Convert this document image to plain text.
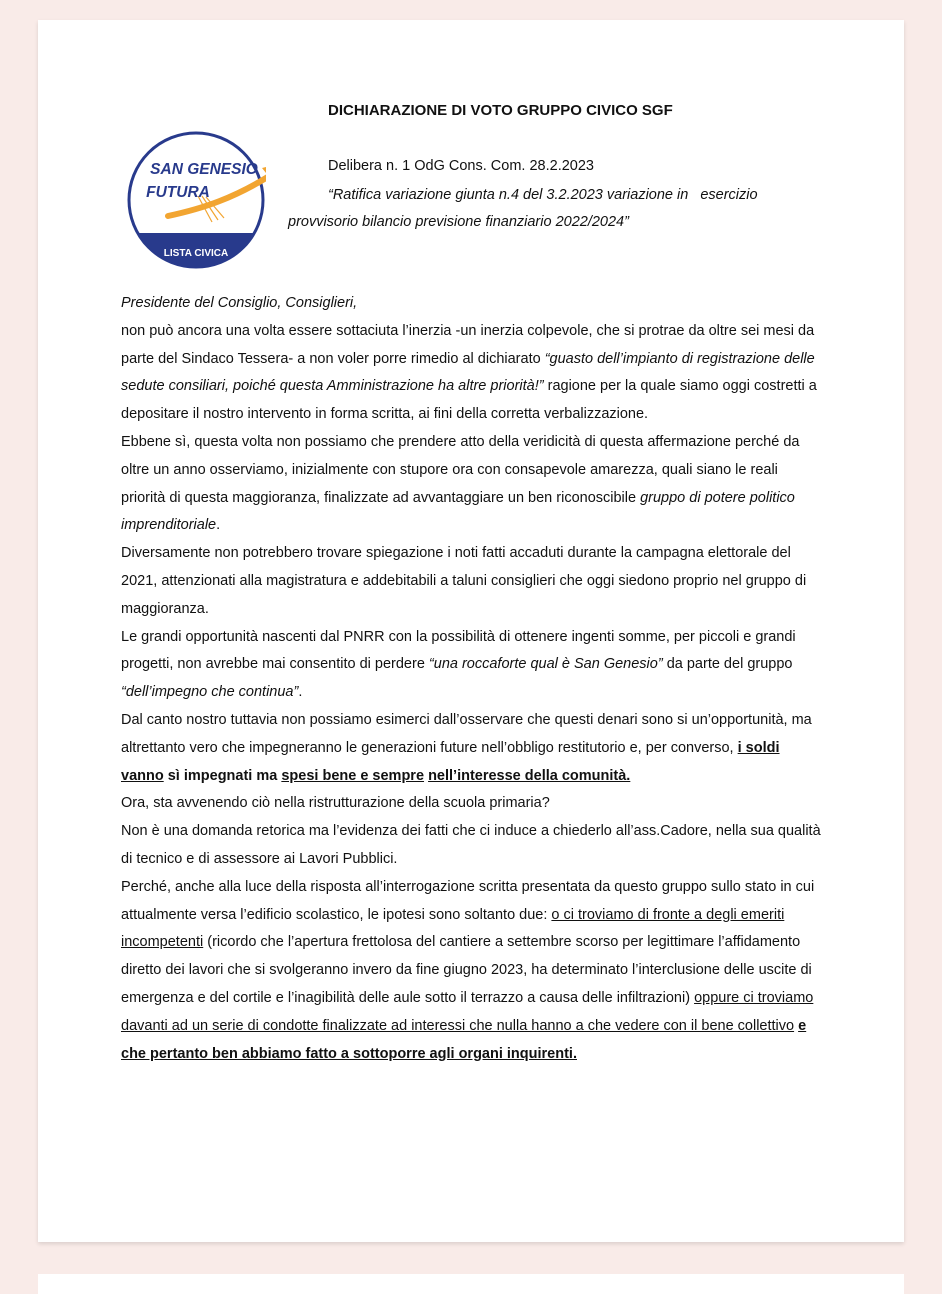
SAN GENESIO
FUTURA
LISTA CIVICA
DICHIARAZIONE DI VOTO GRUPPO CIVICO SGF
Delibera n. 1 OdG Cons. Com. 28.2.2023
“Ratifica variazione giunta n.4 del 3.2.2023 variazione in esercizio
provvisorio bilancio previsione finanziario 2022/2024”

Presidente del Consiglio, Consiglieri,

non può ancora una volta essere sottaciuta l’inerzia -un inerzia colpevole, che si protrae da oltre sei mesi da parte del Sindaco Tessera- a non voler porre rimedio al dichiarato “guasto dell’impianto di registrazione delle sedute consiliari, poiché questa Amministrazione ha altre priorità!” ragione per la quale siamo oggi costretti a depositare il nostro intervento in forma scritta, ai fini della corretta verbalizzazione.

Ebbene sì, questa volta non possiamo che prendere atto della veridicità di questa affermazione perché da oltre un anno osserviamo, inizialmente con stupore ora con consapevole amarezza, quali siano le reali priorità di questa maggioranza, finalizzate ad avvantaggiare un ben riconoscibile gruppo di potere politico imprenditoriale.

Diversamente non potrebbero trovare spiegazione i noti fatti accaduti durante la campagna elettorale del 2021, attenzionati alla magistratura e addebitabili a taluni consiglieri che oggi siedono proprio nel gruppo di maggioranza.

Le grandi opportunità nascenti dal PNRR con la possibilità di ottenere ingenti somme, per piccoli e grandi progetti, non avrebbe mai consentito di perdere “una roccaforte qual è San Genesio” da parte del gruppo “dell’impegno che continua”.

Dal canto nostro tuttavia non possiamo esimerci dall’osservare che questi denari sono si un’opportunità, ma altrettanto vero che impegneranno le generazioni future nell’obbligo restitutorio e, per converso, i soldi vanno sì impegnati ma spesi bene e sempre nell’interesse della comunità.

Ora, sta avvenendo ciò nella ristrutturazione della scuola primaria?

Non è una domanda retorica ma l’evidenza dei fatti che ci induce a chiederlo all’ass.Cadore, nella sua qualità di tecnico e di assessore ai Lavori Pubblici.

Perché, anche alla luce della risposta all’interrogazione scritta presentata da questo gruppo sullo stato in cui attualmente versa l’edificio scolastico, le ipotesi sono soltanto due: o ci troviamo di fronte a degli emeriti incompetenti (ricordo che l’apertura frettolosa del cantiere a settembre scorso per legittimare l’affidamento diretto dei lavori che si svolgeranno invero da fine giugno 2023, ha determinato l’interclusione delle uscite di emergenza e del cortile e l’inagibilità delle aule sotto il terrazzo a causa delle infiltrazioni) oppure ci troviamo davanti ad un serie di condotte finalizzate ad interessi che nulla hanno a che vedere con il bene collettivo e che pertanto ben abbiamo fatto a sottoporre agli organi inquirenti.
